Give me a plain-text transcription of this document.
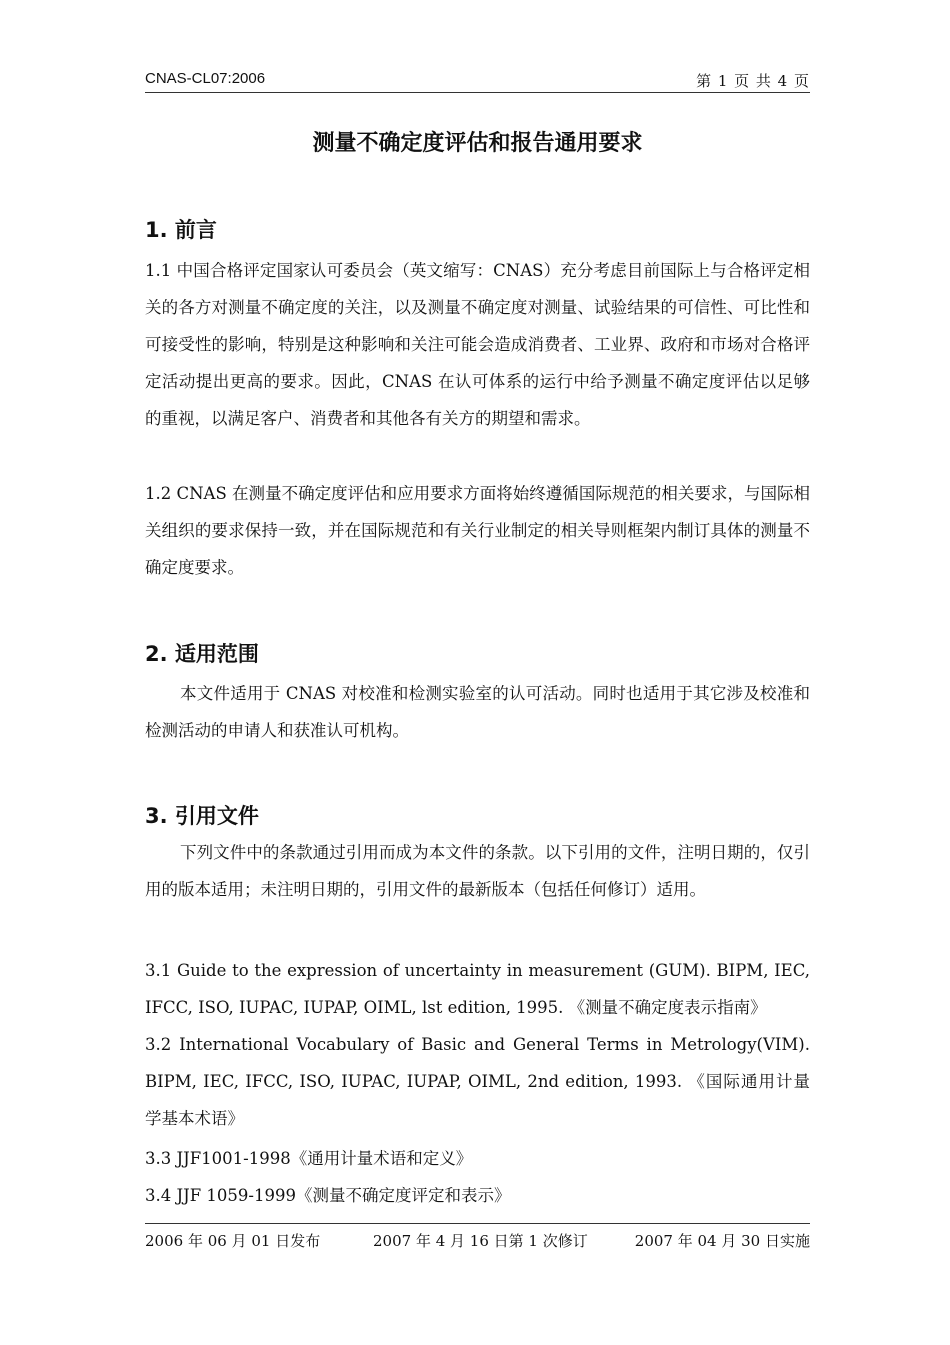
CNAS-CL07:2006	第 1 页 共 4 页
测量不确定度评估和报告通用要求
1. 前言

1.1 中国合格评定国家认可委员会（英文缩写：CNAS）充分考虑目前国际上与合格评定相关的各方对测量不确定度的关注，以及测量不确定度对测量、试验结果的可信性、可比性和可接受性的影响，特别是这种影响和关注可能会造成消费者、工业界、政府和市场对合格评定活动提出更高的要求。因此，CNAS 在认可体系的运行中给予测量不确定度评估以足够的重视，以满足客户、消费者和其他各有关方的期望和需求。

1.2 CNAS 在测量不确定度评估和应用要求方面将始终遵循国际规范的相关要求，与国际相关组织的要求保持一致，并在国际规范和有关行业制定的相关导则框架内制订具体的测量不确定度要求。

2. 适用范围

本文件适用于 CNAS 对校准和检测实验室的认可活动。同时也适用于其它涉及校准和检测活动的申请人和获准认可机构。

3. 引用文件

下列文件中的条款通过引用而成为本文件的条款。以下引用的文件，注明日期的，仅引用的版本适用；未注明日期的，引用文件的最新版本（包括任何修订）适用。

3.1 Guide to the expression of uncertainty in measurement (GUM). BIPM, IEC, IFCC, ISO, IUPAC, IUPAP, OIML, lst edition, 1995. 《测量不确定度表示指南》

3.2 International Vocabulary of Basic and General Terms in Metrology(VIM). BIPM, IEC, IFCC, ISO, IUPAC, IUPAP, OIML, 2nd edition, 1993. 《国际通用计量学基本术语》

3.3 JJF1001-1998《通用计量术语和定义》
3.4 JJF 1059-1999《测量不确定度评定和表示》
2006 年 06 月 01 日发布	2007 年 4 月 16 日第 1 次修订	2007 年 04 月 30 日实施
